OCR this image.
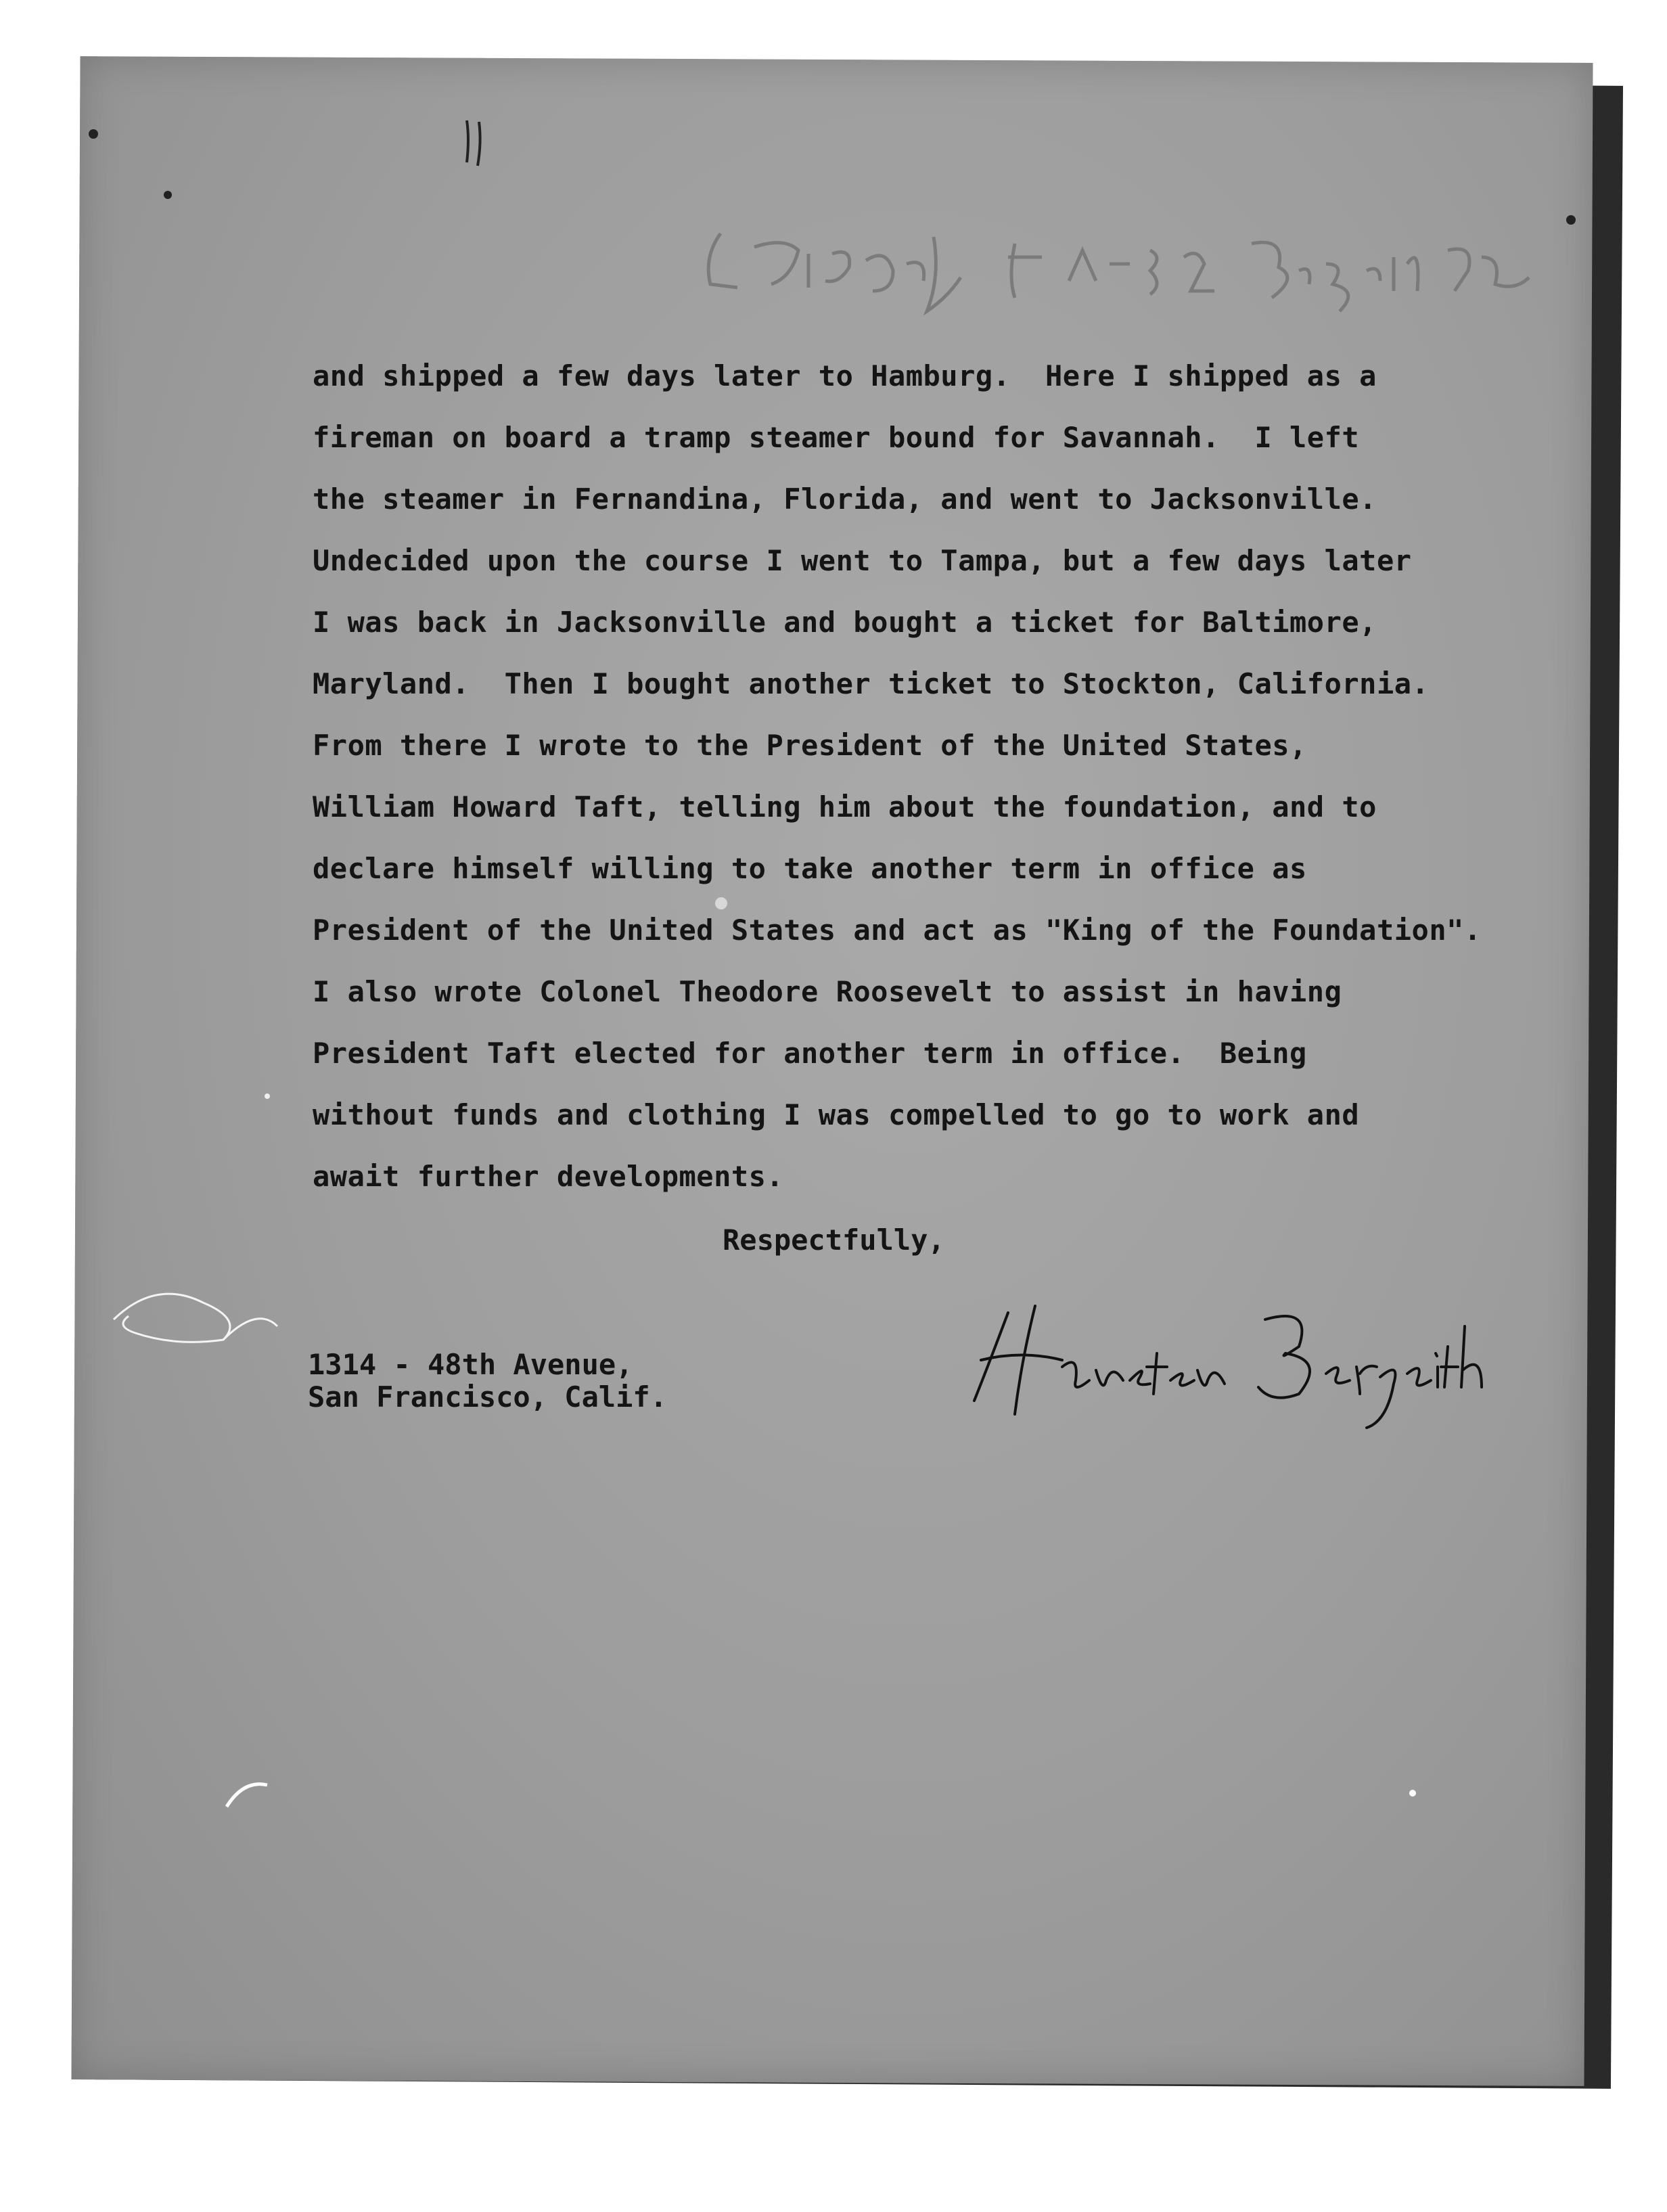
[ Bergeith ] Franc. 12-5-12 Bergeith
and shipped a few days later to Hamburg.  Here I shipped as a
fireman on board a tramp steamer bound for Savannah.  I left
the steamer in Fernandina, Florida, and went to Jacksonville.
Undecided upon the course I went to Tampa, but a few days later
I was back in Jacksonville and bought a ticket for Baltimore,
Maryland.  Then I bought another ticket to Stockton, California.
From there I wrote to the President of the United States,
William Howard Taft, telling him about the foundation, and to
declare himself willing to take another term in office as
President of the United States and act as "King of the Foundation".
I also wrote Colonel Theodore Roosevelt to assist in having
President Taft elected for another term in office.  Being
without funds and clothing I was compelled to go to work and
await further developments.
Respectfully,
Hansten Bergeith
1314 - 48th Avenue,
San Francisco, Calif.
